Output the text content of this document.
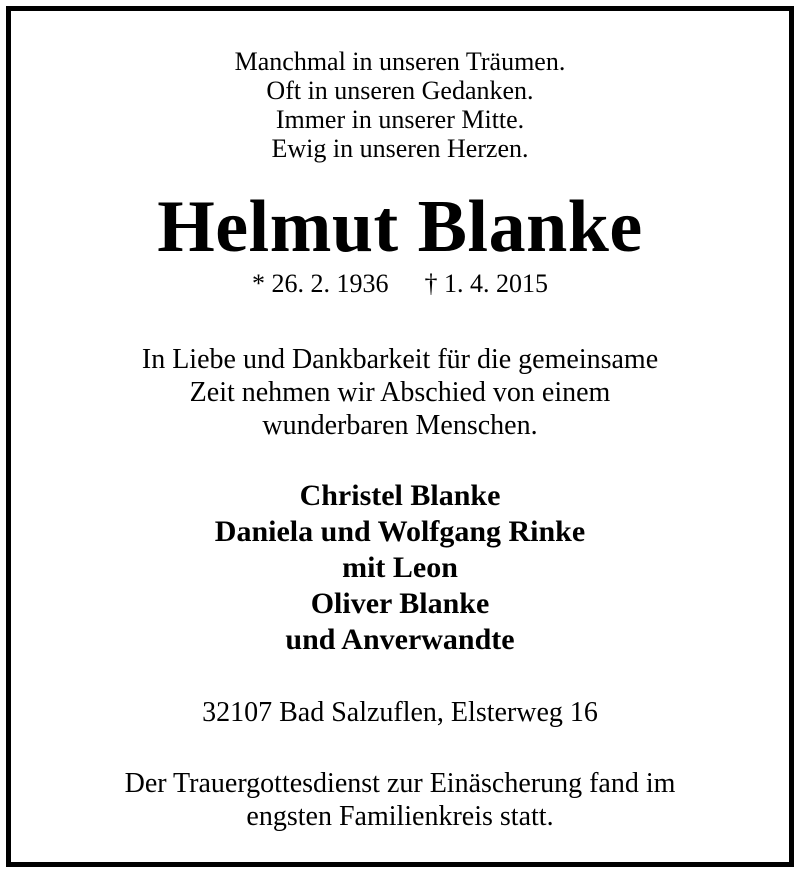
Manchmal in unseren Träumen.
Oft in unseren Gedanken.
Immer in unserer Mitte.
Ewig in unseren Herzen.
Helmut Blanke
* 26. 2. 1936 † 1. 4. 2015
In Liebe und Dankbarkeit für die gemeinsame
Zeit nehmen wir Abschied von einem
wunderbaren Menschen.
Christel Blanke
Daniela und Wolfgang Rinke
mit Leon
Oliver Blanke
und Anverwandte
32107 Bad Salzuflen, Elsterweg 16
Der Trauergottesdienst zur Einäscherung fand im
engsten Familienkreis statt.
